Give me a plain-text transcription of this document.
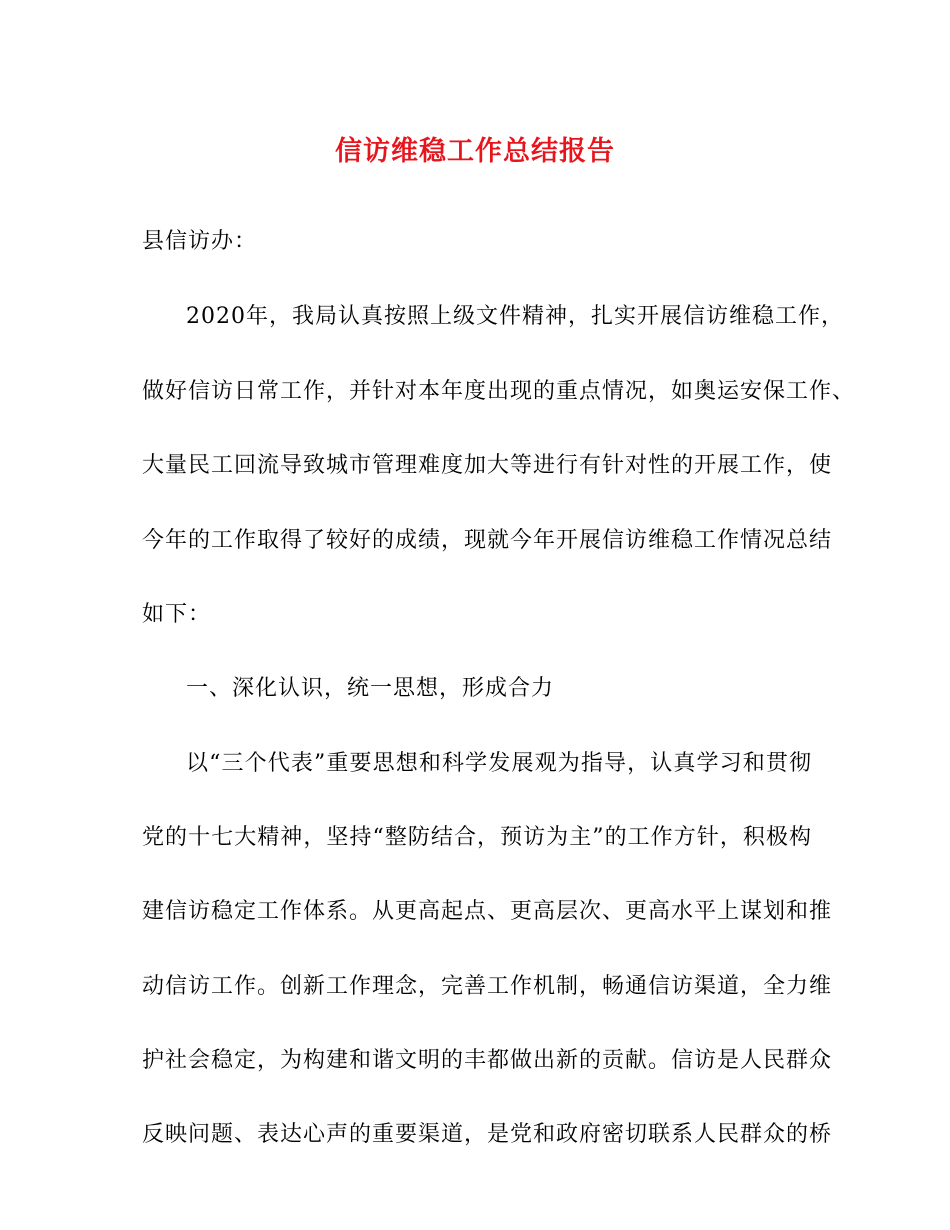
信访维稳工作总结报告
县信访办：
2020年，我局认真按照上级文件精神，扎实开展信访维稳工作，
做好信访日常工作，并针对本年度出现的重点情况，如奥运安保工作、
大量民工回流导致城市管理难度加大等进行有针对性的开展工作，使
今年的工作取得了较好的成绩，现就今年开展信访维稳工作情况总结
如下：
一、深化认识，统一思想，形成合力
以“三个代表”重要思想和科学发展观为指导，认真学习和贯彻
党的十七大精神，坚持“整防结合，预访为主”的工作方针，积极构
建信访稳定工作体系。从更高起点、更高层次、更高水平上谋划和推
动信访工作。创新工作理念，完善工作机制，畅通信访渠道，全力维
护社会稳定，为构建和谐文明的丰都做出新的贡献。信访是人民群众
反映问题、表达心声的重要渠道，是党和政府密切联系人民群众的桥
